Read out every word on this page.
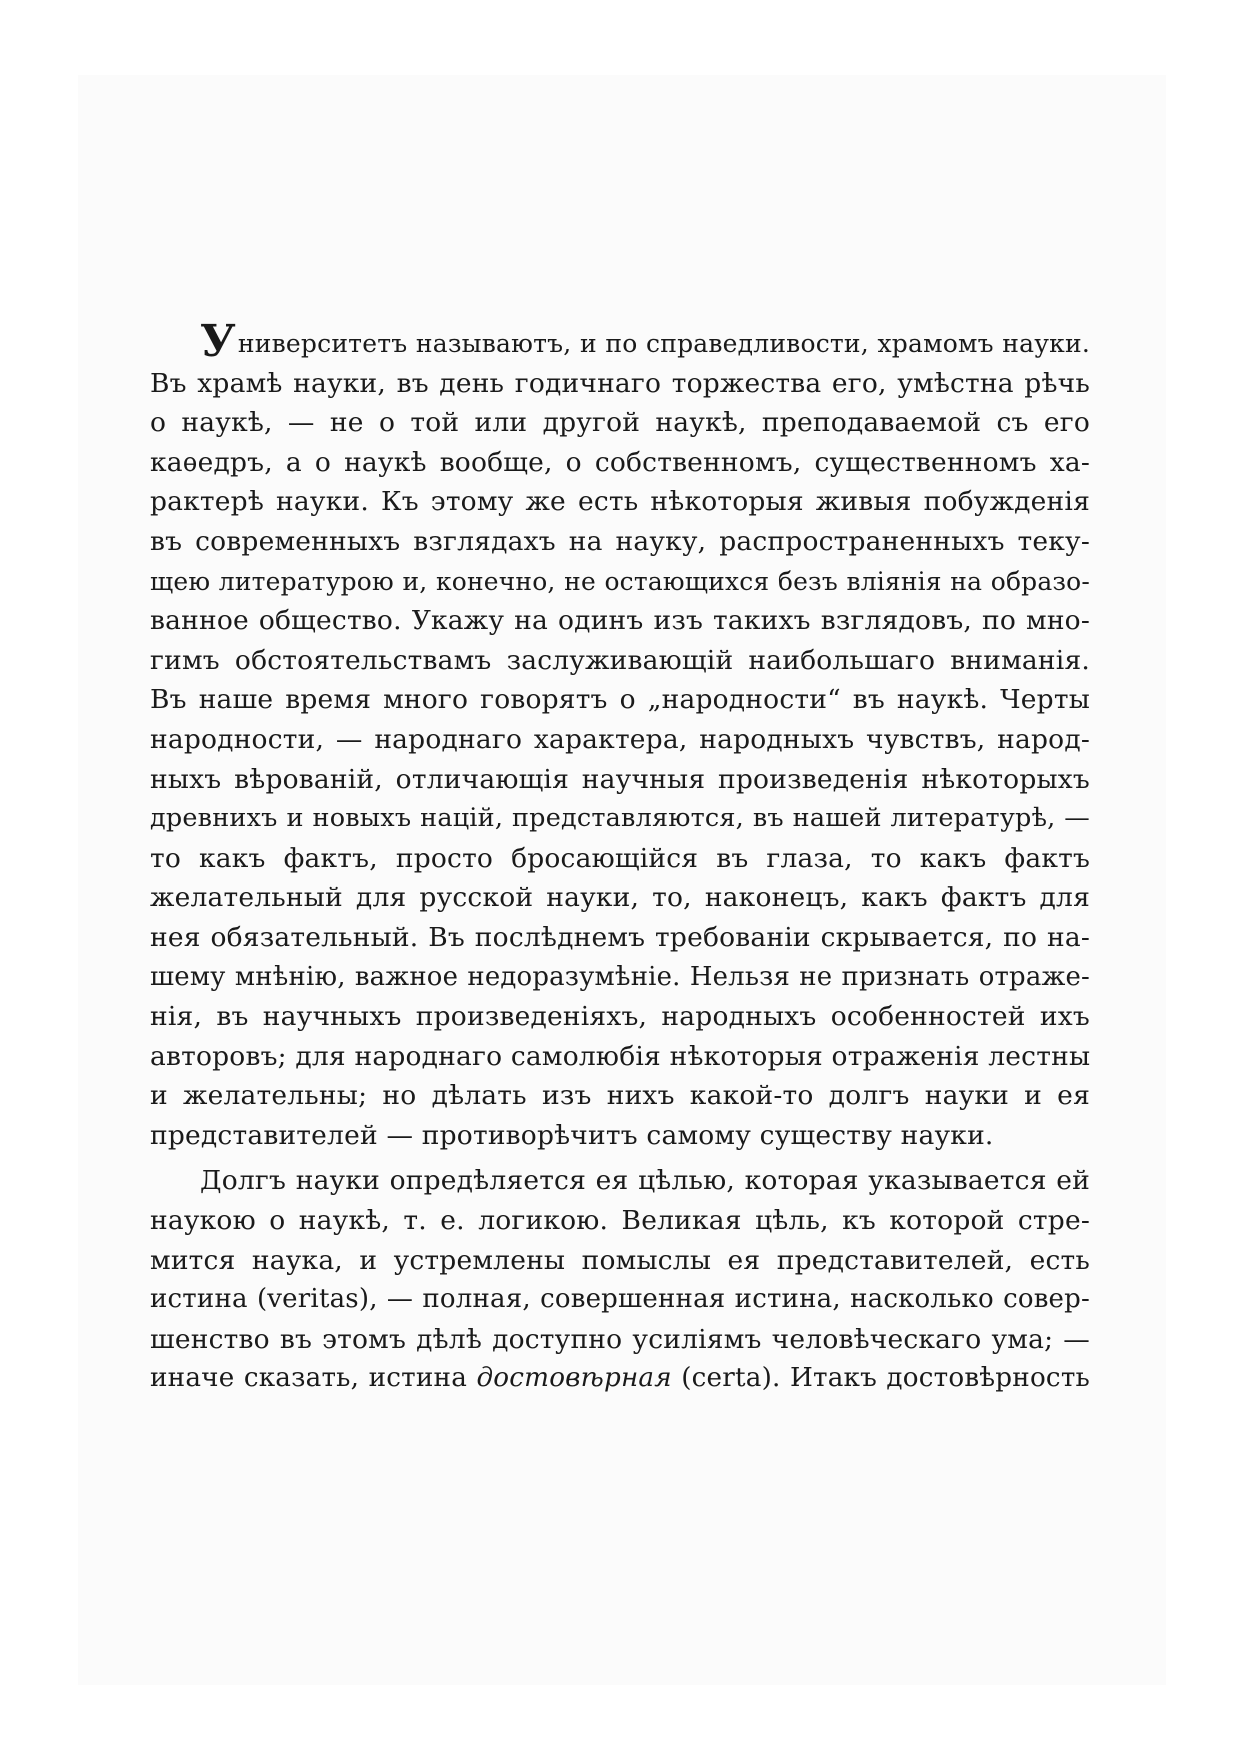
Университетъ называютъ, и по справедливости, храмомъ науки.
Въ храмѣ науки, въ день годичнаго торжества его, умѣстна рѣчь
о наукѣ, — не о той или другой наукѣ, преподаваемой съ его
каѳедръ, а о наукѣ вообще, о собственномъ, существенномъ ха-
рактерѣ науки. Къ этому же есть нѣкоторыя живыя побужденія
въ современныхъ взглядахъ на науку, распространенныхъ теку-
щею литературою и, конечно, не остающихся безъ вліянія на образо-
ванное общество. Укажу на одинъ изъ такихъ взглядовъ, по мно-
гимъ обстоятельствамъ заслуживающій наибольшаго вниманія.
Въ наше время много говорятъ о „народности“ въ наукѣ. Черты
народности, — народнаго характера, народныхъ чувствъ, народ-
ныхъ вѣрованій, отличающія научныя произведенія нѣкоторыхъ
древнихъ и новыхъ націй, представляются, въ нашей литературѣ, —
то какъ фактъ, просто бросающійся въ глаза, то какъ фактъ
желательный для русской науки, то, наконецъ, какъ фактъ для
нея обязательный. Въ послѣднемъ требованіи скрывается, по на-
шему мнѣнію, важное недоразумѣніе. Нельзя не признать отраже-
нія, въ научныхъ произведеніяхъ, народныхъ особенностей ихъ
авторовъ; для народнаго самолюбія нѣкоторыя отраженія лестны
и желательны; но дѣлать изъ нихъ какой-то долгъ науки и ея
представителей — противорѣчитъ самому существу науки.
Долгъ науки опредѣляется ея цѣлью, которая указывается ей
наукою о наукѣ, т. е. логикою. Великая цѣль, къ которой стре-
мится наука, и устремлены помыслы ея представителей, есть
истина (veritas), — полная, совершенная истина, насколько совер-
шенство въ этомъ дѣлѣ доступно усиліямъ человѣческаго ума; —
иначе сказать, истина достовѣрная (certa). Итакъ достовѣрность
